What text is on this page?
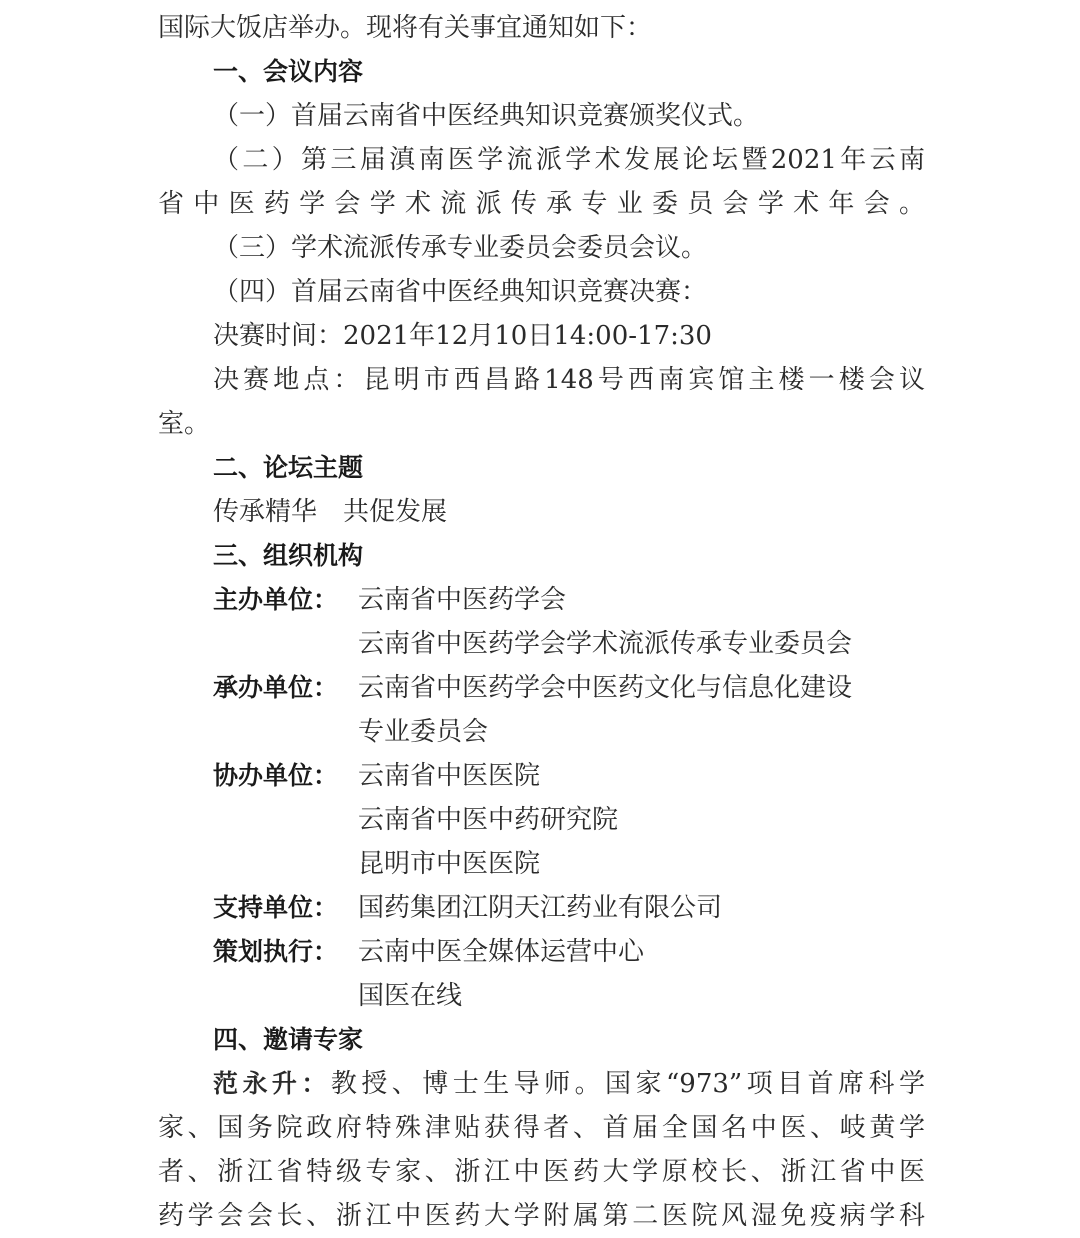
国际大饭店举办。现将有关事宜通知如下：
一、会议内容
（一）首届云南省中医经典知识竞赛颁奖仪式。
（二）第三届滇南医学流派学术发展论坛暨2021年云南
省中医药学会学术流派传承专业委员会学术年会。
（三）学术流派传承专业委员会委员会议。
（四）首届云南省中医经典知识竞赛决赛：
决赛时间：2021年12月10日14:00-17:30
决赛地点：昆明市西昌路148号西南宾馆主楼一楼会议
室。
二、论坛主题
传承精华　共促发展
三、组织机构
主办单位： 云南省中医药学会
云南省中医药学会学术流派传承专业委员会
承办单位： 云南省中医药学会中医药文化与信息化建设
专业委员会
协办单位： 云南省中医医院
云南省中医中药研究院
昆明市中医医院
支持单位： 国药集团江阴天江药业有限公司
策划执行： 云南中医全媒体运营中心
国医在线
四、邀请专家
范永升：教授、博士生导师。国家“973”项目首席科学
家、国务院政府特殊津贴获得者、首届全国名中医、岐黄学
者、浙江省特级专家、浙江中医药大学原校长、浙江省中医
药学会会长、浙江中医药大学附属第二医院风湿免疫病学科
